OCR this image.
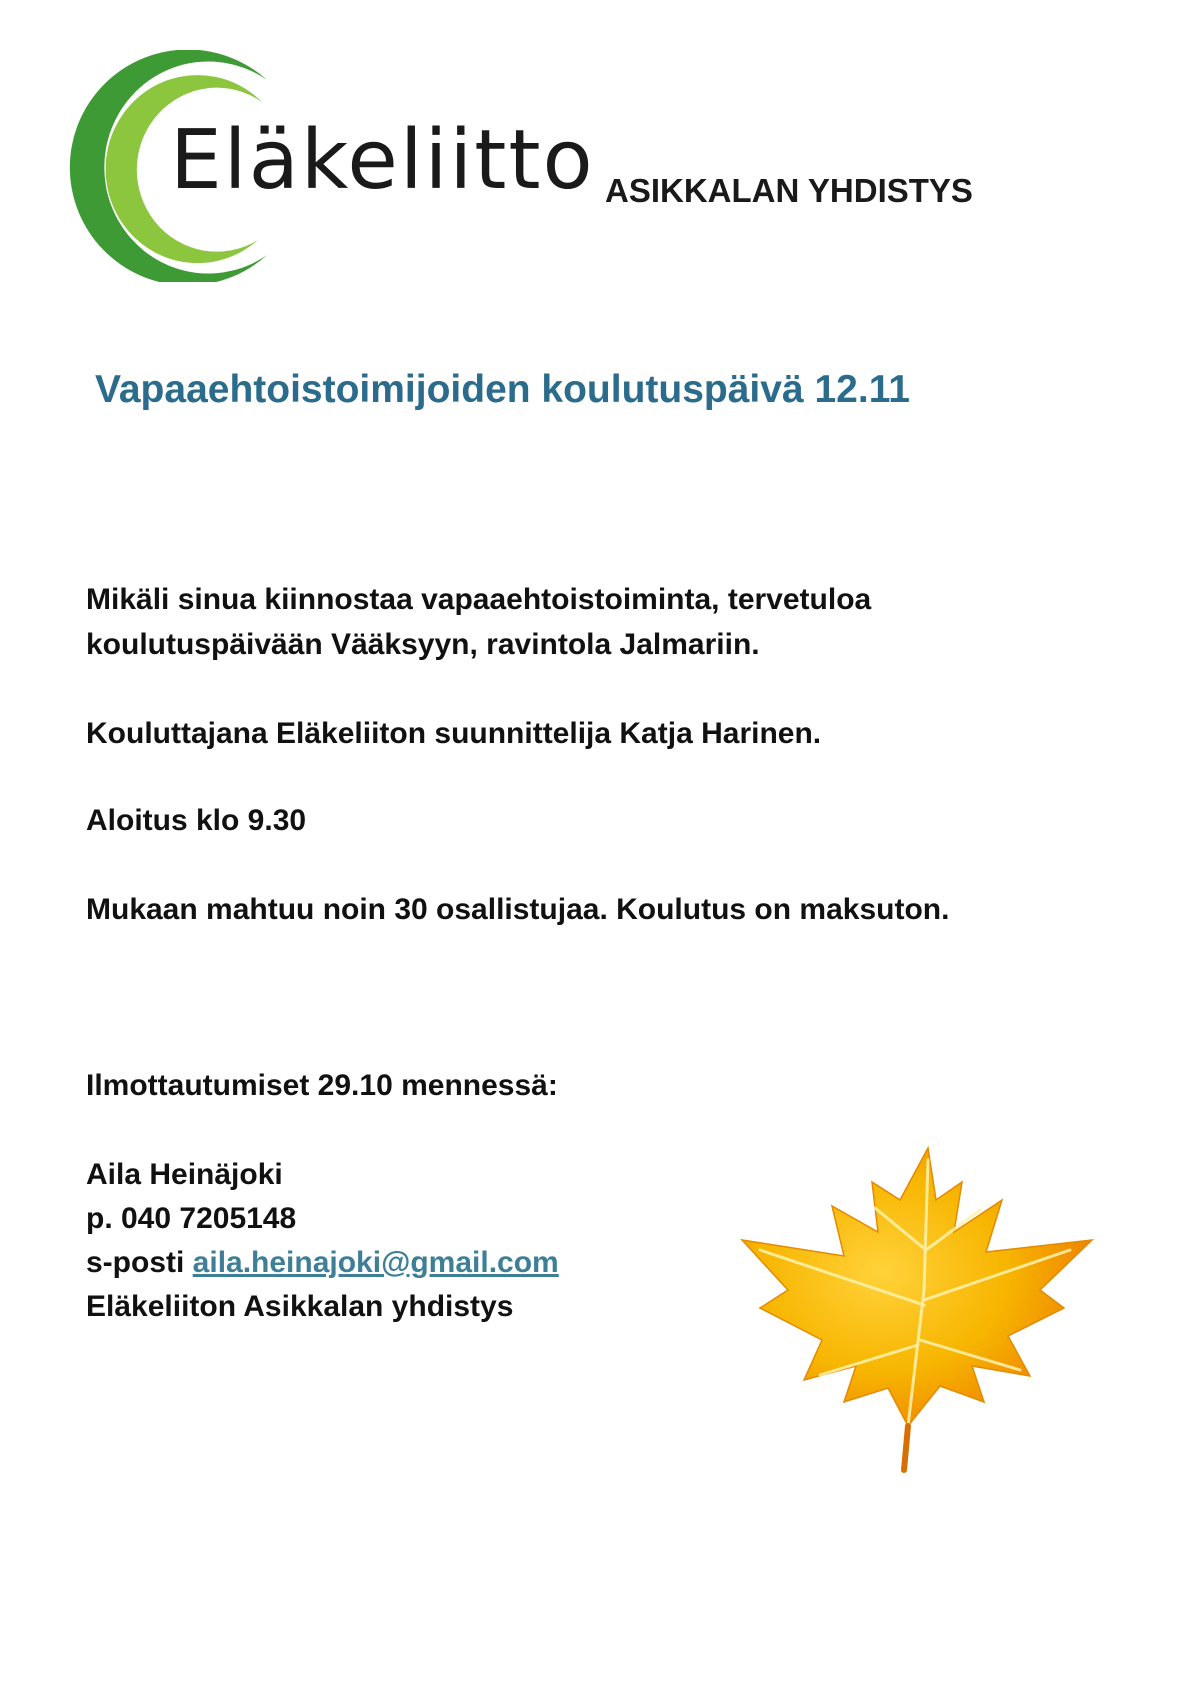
Eläkeliitto ASIKKALAN YHDISTYS
Vapaaehtoistoimijoiden koulutuspäivä 12.11
Mikäli sinua kiinnostaa vapaaehtoistoiminta, tervetuloa
koulutuspäivään Vääksyyn, ravintola Jalmariin.
Kouluttajana Eläkeliiton suunnittelija Katja Harinen.
Aloitus klo 9.30
Mukaan mahtuu noin 30 osallistujaa. Koulutus on maksuton.
Ilmottautumiset 29.10 mennessä:
Aila Heinäjoki
p. 040 7205148
s-posti aila.heinajoki@gmail.com
Eläkeliiton Asikkalan yhdistys
